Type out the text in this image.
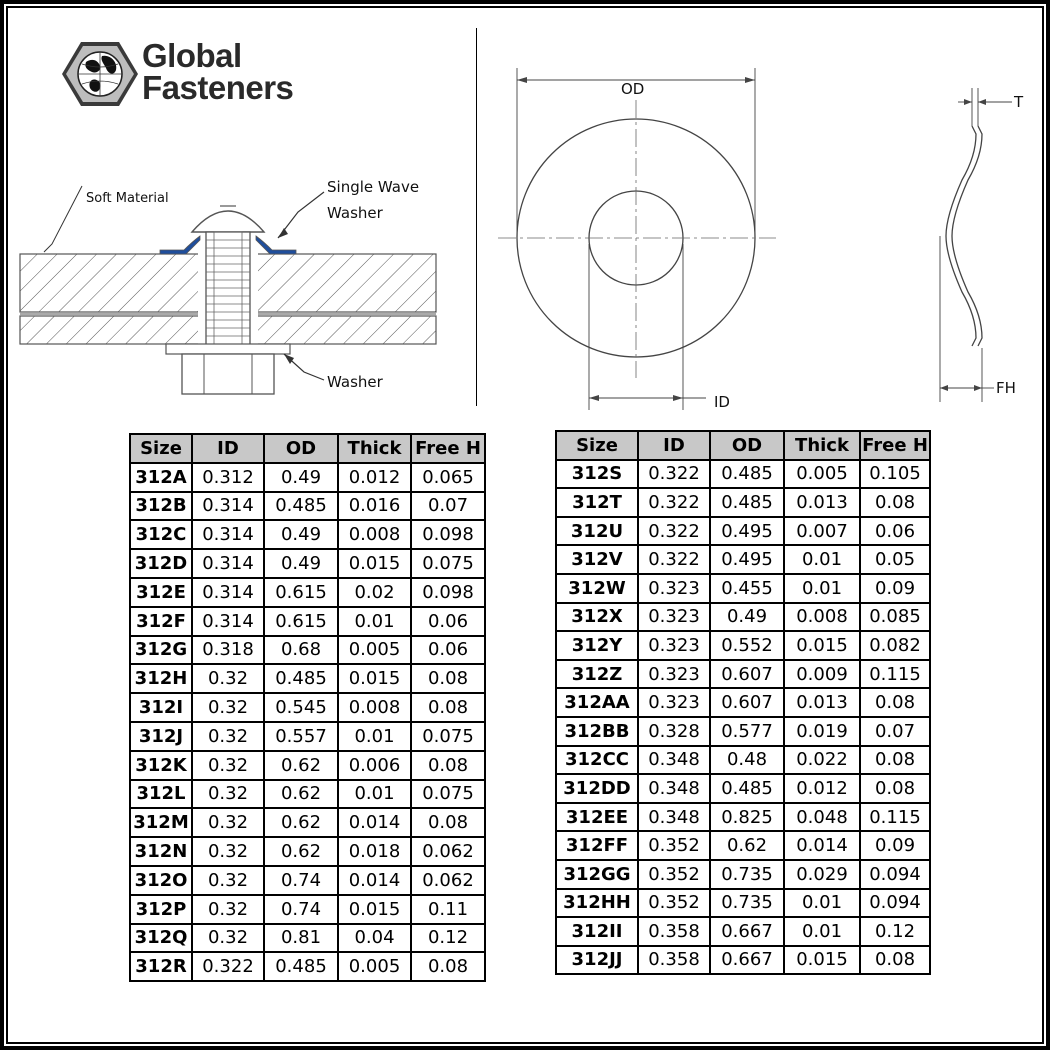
Global
Fasteners
Soft Material
Single Wave
Washer
Washer
OD
ID
T
FH
Size	ID	OD	Thick	Free H
312A	0.312	0.49	0.012	0.065
312B	0.314	0.485	0.016	0.07
312C	0.314	0.49	0.008	0.098
312D	0.314	0.49	0.015	0.075
312E	0.314	0.615	0.02	0.098
312F	0.314	0.615	0.01	0.06
312G	0.318	0.68	0.005	0.06
312H	0.32	0.485	0.015	0.08
312I	0.32	0.545	0.008	0.08
312J	0.32	0.557	0.01	0.075
312K	0.32	0.62	0.006	0.08
312L	0.32	0.62	0.01	0.075
312M	0.32	0.62	0.014	0.08
312N	0.32	0.62	0.018	0.062
312O	0.32	0.74	0.014	0.062
312P	0.32	0.74	0.015	0.11
312Q	0.32	0.81	0.04	0.12
312R	0.322	0.485	0.005	0.08
Size	ID	OD	Thick	Free H
312S	0.322	0.485	0.005	0.105
312T	0.322	0.485	0.013	0.08
312U	0.322	0.495	0.007	0.06
312V	0.322	0.495	0.01	0.05
312W	0.323	0.455	0.01	0.09
312X	0.323	0.49	0.008	0.085
312Y	0.323	0.552	0.015	0.082
312Z	0.323	0.607	0.009	0.115
312AA	0.323	0.607	0.013	0.08
312BB	0.328	0.577	0.019	0.07
312CC	0.348	0.48	0.022	0.08
312DD	0.348	0.485	0.012	0.08
312EE	0.348	0.825	0.048	0.115
312FF	0.352	0.62	0.014	0.09
312GG	0.352	0.735	0.029	0.094
312HH	0.352	0.735	0.01	0.094
312II	0.358	0.667	0.01	0.12
312JJ	0.358	0.667	0.015	0.08
